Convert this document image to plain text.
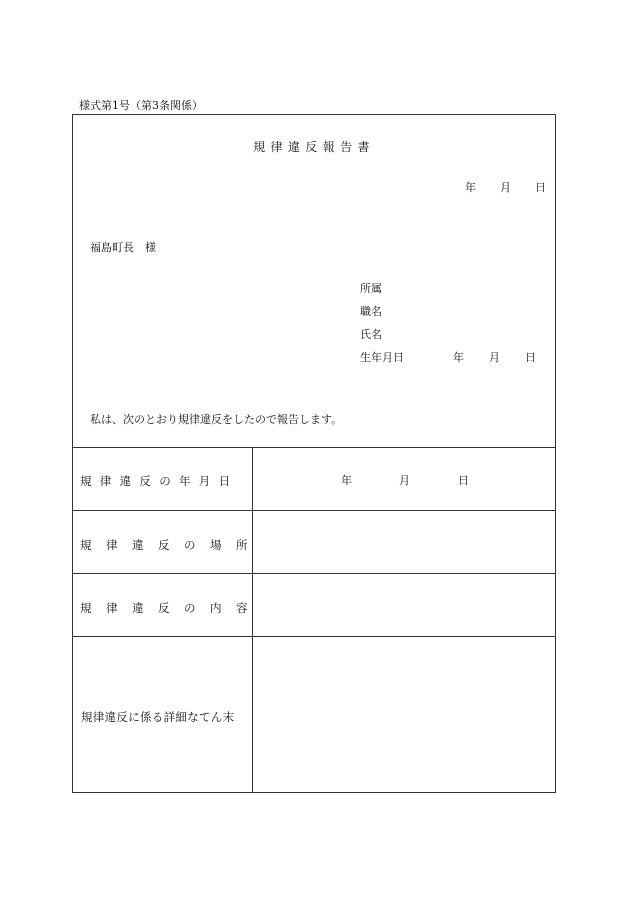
様式第1号（第3条関係）
規律違反報告書
年 月 日
福島町長　様
所属
職名
氏名
生年月日	年 月 日
私は、次のとおり規律違反をしたので報告します。
規律違反の年月日	年	月	日
規律違反の場所
規律違反の内容
規律違反に係る詳細なてん末
